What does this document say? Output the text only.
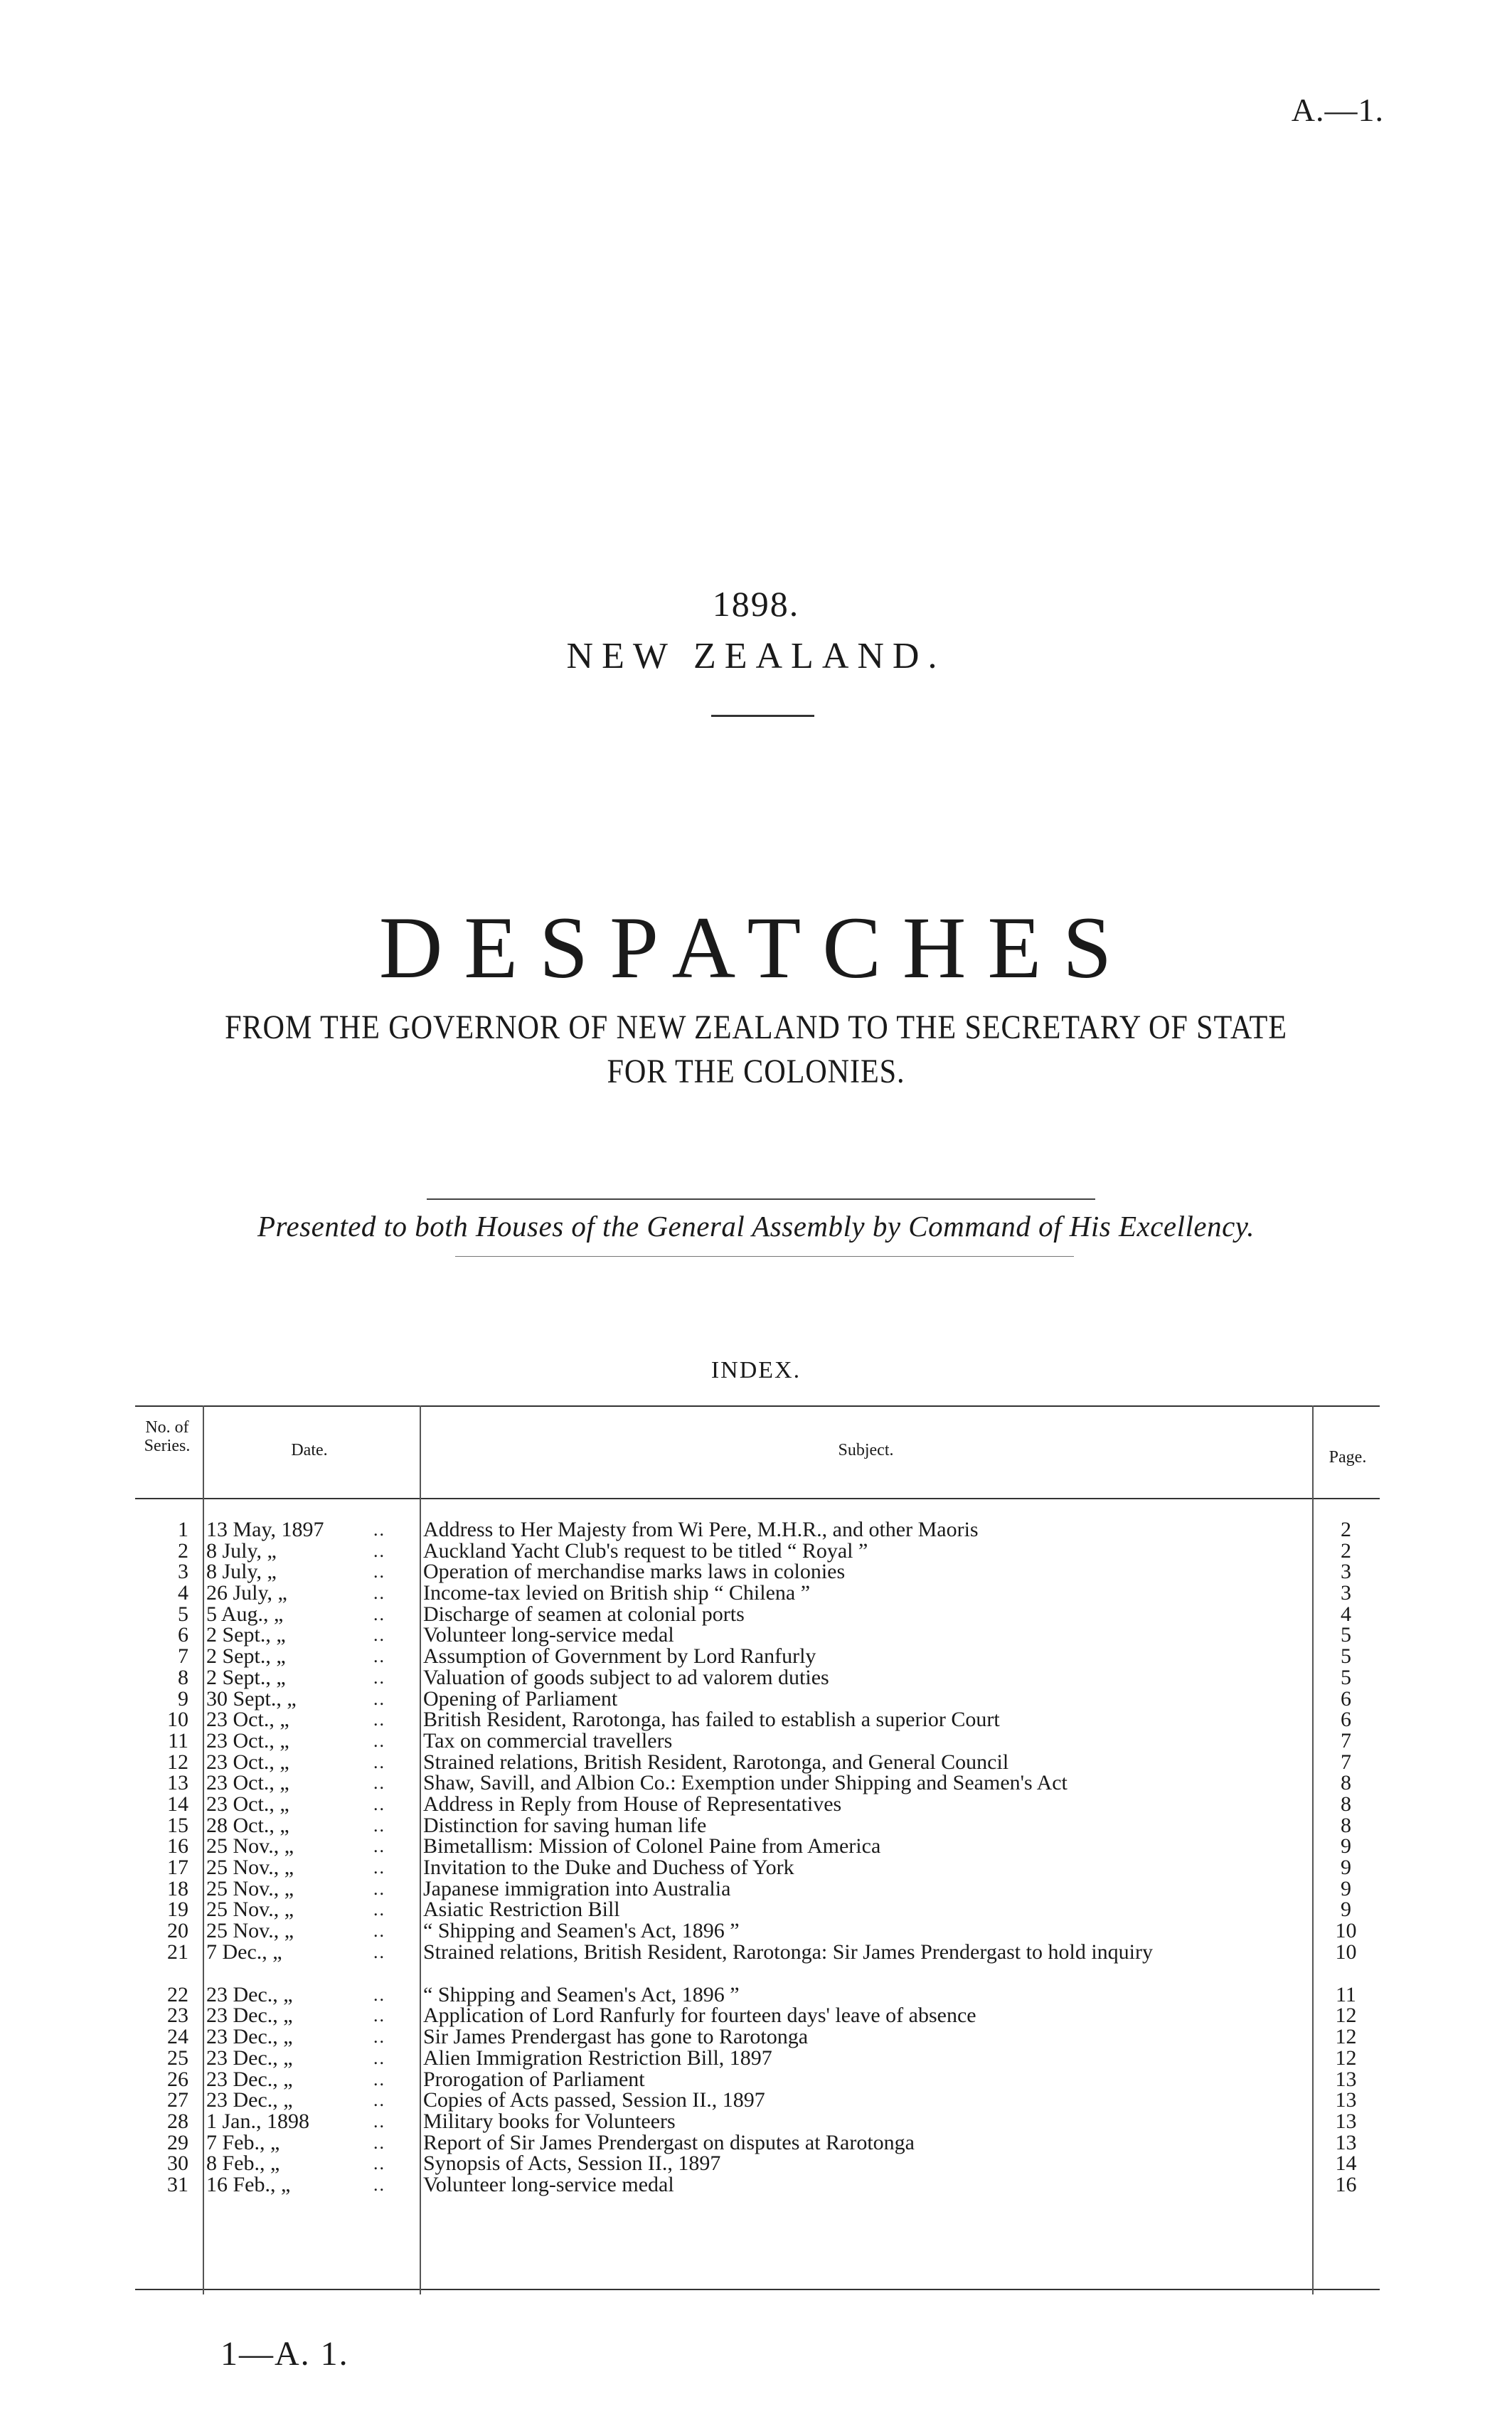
A.—1.
1898.
NEW ZEALAND.
DESPATCHES
FROM THE GOVERNOR OF NEW ZEALAND TO THE SECRETARY OF STATE FOR THE COLONIES.
Presented to both Houses of the General Assembly by Command of His Excellency.
INDEX.
No. of Series.	Date.	Subject.	Page.
1 13 May, 1897	..	Address to Her Majesty from Wi Pere, M.H.R., and other Maoris	2
2 8 July, „	..	Auckland Yacht Club's request to be titled “ Royal ”	2
3 8 July, „	..	Operation of merchandise marks laws in colonies	3
4 26 July, „	..	Income-tax levied on British ship “ Chilena ”	3
5 5 Aug., „	..	Discharge of seamen at colonial ports	4
6 2 Sept., „	..	Volunteer long-service medal	5
7 2 Sept., „	..	Assumption of Government by Lord Ranfurly	5
8 2 Sept., „	..	Valuation of goods subject to ad valorem duties	5
9 30 Sept., „	..	Opening of Parliament	6
10 23 Oct., „	..	British Resident, Rarotonga, has failed to establish a superior Court	6
11 23 Oct., „	..	Tax on commercial travellers	7
12 23 Oct., „	..	Strained relations, British Resident, Rarotonga, and General Council	7
13 23 Oct., „	..	Shaw, Savill, and Albion Co.: Exemption under Shipping and Seamen's Act	8
14 23 Oct., „	..	Address in Reply from House of Representatives	8
15 28 Oct., „	..	Distinction for saving human life	8
16 25 Nov., „	..	Bimetallism: Mission of Colonel Paine from America	9
17 25 Nov., „	..	Invitation to the Duke and Duchess of York	9
18 25 Nov., „	..	Japanese immigration into Australia	9
19 25 Nov., „	..	Asiatic Restriction Bill	9
20 25 Nov., „	..	“ Shipping and Seamen's Act, 1896 ”	10
21 7 Dec., „	..	Strained relations, British Resident, Rarotonga: Sir James Prendergast to hold inquiry	10
22 23 Dec., „	..	“ Shipping and Seamen's Act, 1896 ”	11
23 23 Dec., „	..	Application of Lord Ranfurly for fourteen days' leave of absence	12
24 23 Dec., „	..	Sir James Prendergast has gone to Rarotonga	12
25 23 Dec., „	..	Alien Immigration Restriction Bill, 1897	12
26 23 Dec., „	..	Prorogation of Parliament	13
27 23 Dec., „	..	Copies of Acts passed, Session II., 1897	13
28 1 Jan., 1898	..	Military books for Volunteers	13
29 7 Feb., „	..	Report of Sir James Prendergast on disputes at Rarotonga	13
30 8 Feb., „	..	Synopsis of Acts, Session II., 1897	14
31 16 Feb., „	..	Volunteer long-service medal	16
1—A. 1.
